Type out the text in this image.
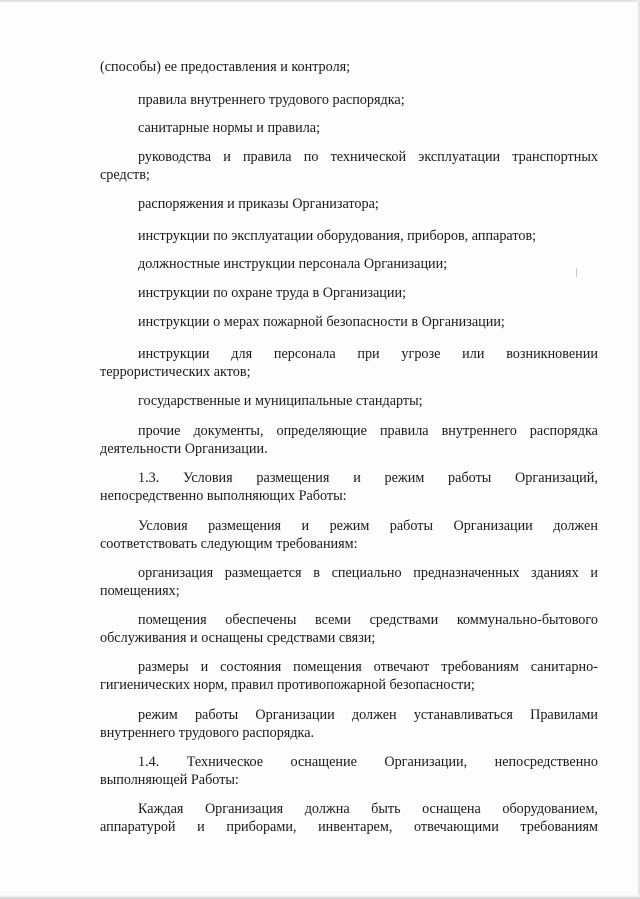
(способы) ее предоставления и контроля;

правила внутреннего трудового распорядка;

санитарные нормы и правила;

руководства и правила по технической эксплуатации транспортных

средств;

распоряжения и приказы Организатора;

инструкции по эксплуатации оборудования, приборов, аппаратов;

должностные инструкции персонала Организации;

инструкции по охране труда в Организации;

инструкции о мерах пожарной безопасности в Организации;

инструкции для персонала при угрозе или возникновении

террористических актов;

государственные и муниципальные стандарты;

прочие документы, определяющие правила внутреннего распорядка

деятельности Организации.

1.3. Условия размещения и режим работы Организаций,

непосредственно выполняющих Работы:

Условия размещения и режим работы Организации должен

соответствовать следующим требованиям:

организация размещается в специально предназначенных зданиях и

помещениях;

помещения обеспечены всеми средствами коммунально-бытового

обслуживания и оснащены средствами связи;

размеры и состояния помещения отвечают требованиям санитарно-

гигиенических норм, правил противопожарной безопасности;

режим работы Организации должен устанавливаться Правилами

внутреннего трудового распорядка.

1.4. Техническое оснащение Организации, непосредственно

выполняющей Работы:

Каждая Организация должна быть оснащена оборудованием,
аппаратурой и приборами, инвентарем, отвечающими требованиям
